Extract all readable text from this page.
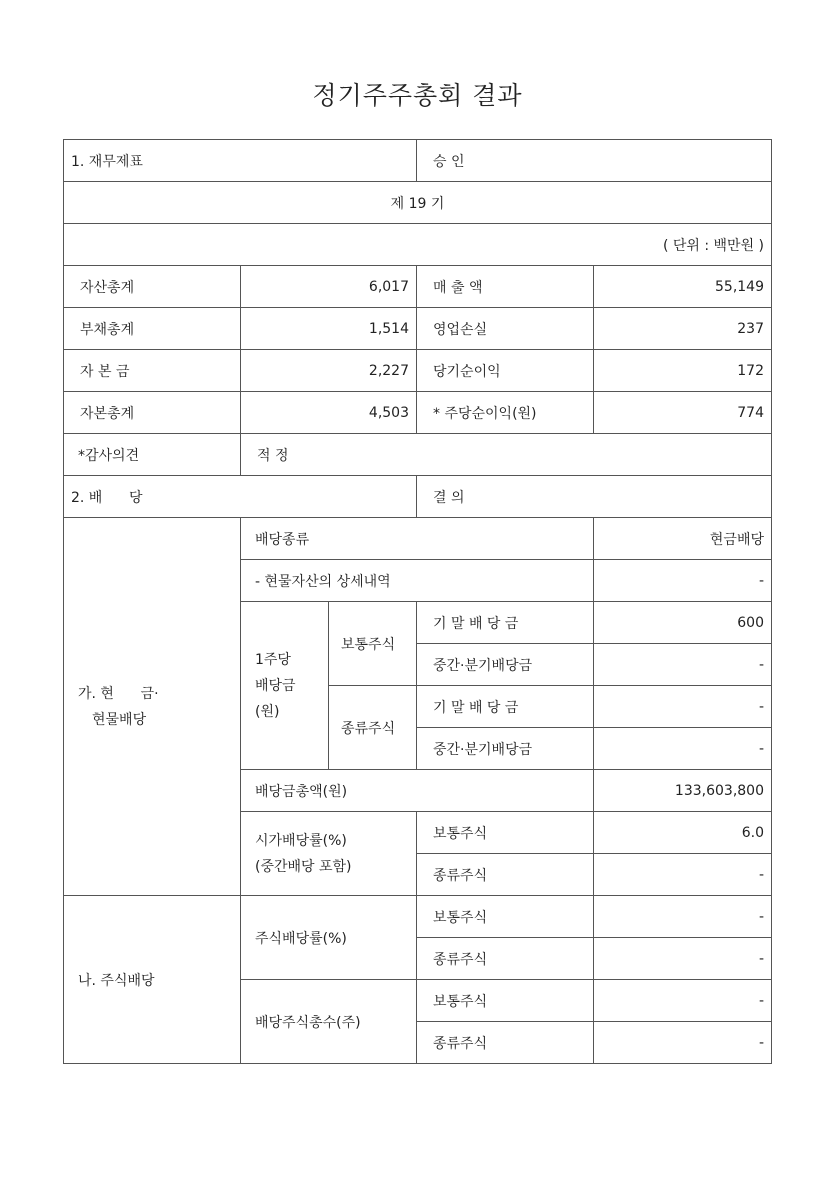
정기주주총회 결과
1. 재무제표			승 인	
제 19 기				
( 단위 : 백만원 )				
자산총계	6,017		매 출 액	55,149
부채총계	1,514		영업손실	237
자 본 금	2,227		당기순이익	172
자본총계	4,503		* 주당순이익(원)	774
*감사의견	적 정			
2. 배      당			결 의	

가. 현      금·
현물배당	배당종류			현금배당
	- 현물자산의 상세내역			-

	1주당
배당금
(원)	보통주식	기 말 배 당 금	600
			중간·분기배당금	-
		종류주식	기 말 배 당 금	-
			중간·분기배당금	-
	배당금총액(원)			133,603,800

	시가배당률(%)
(중간배당 포함)		보통주식	6.0
			종류주식	-
나. 주식배당	주식배당률(%)		보통주식	-
			종류주식	-
	배당주식총수(주)		보통주식	-
			종류주식	-
